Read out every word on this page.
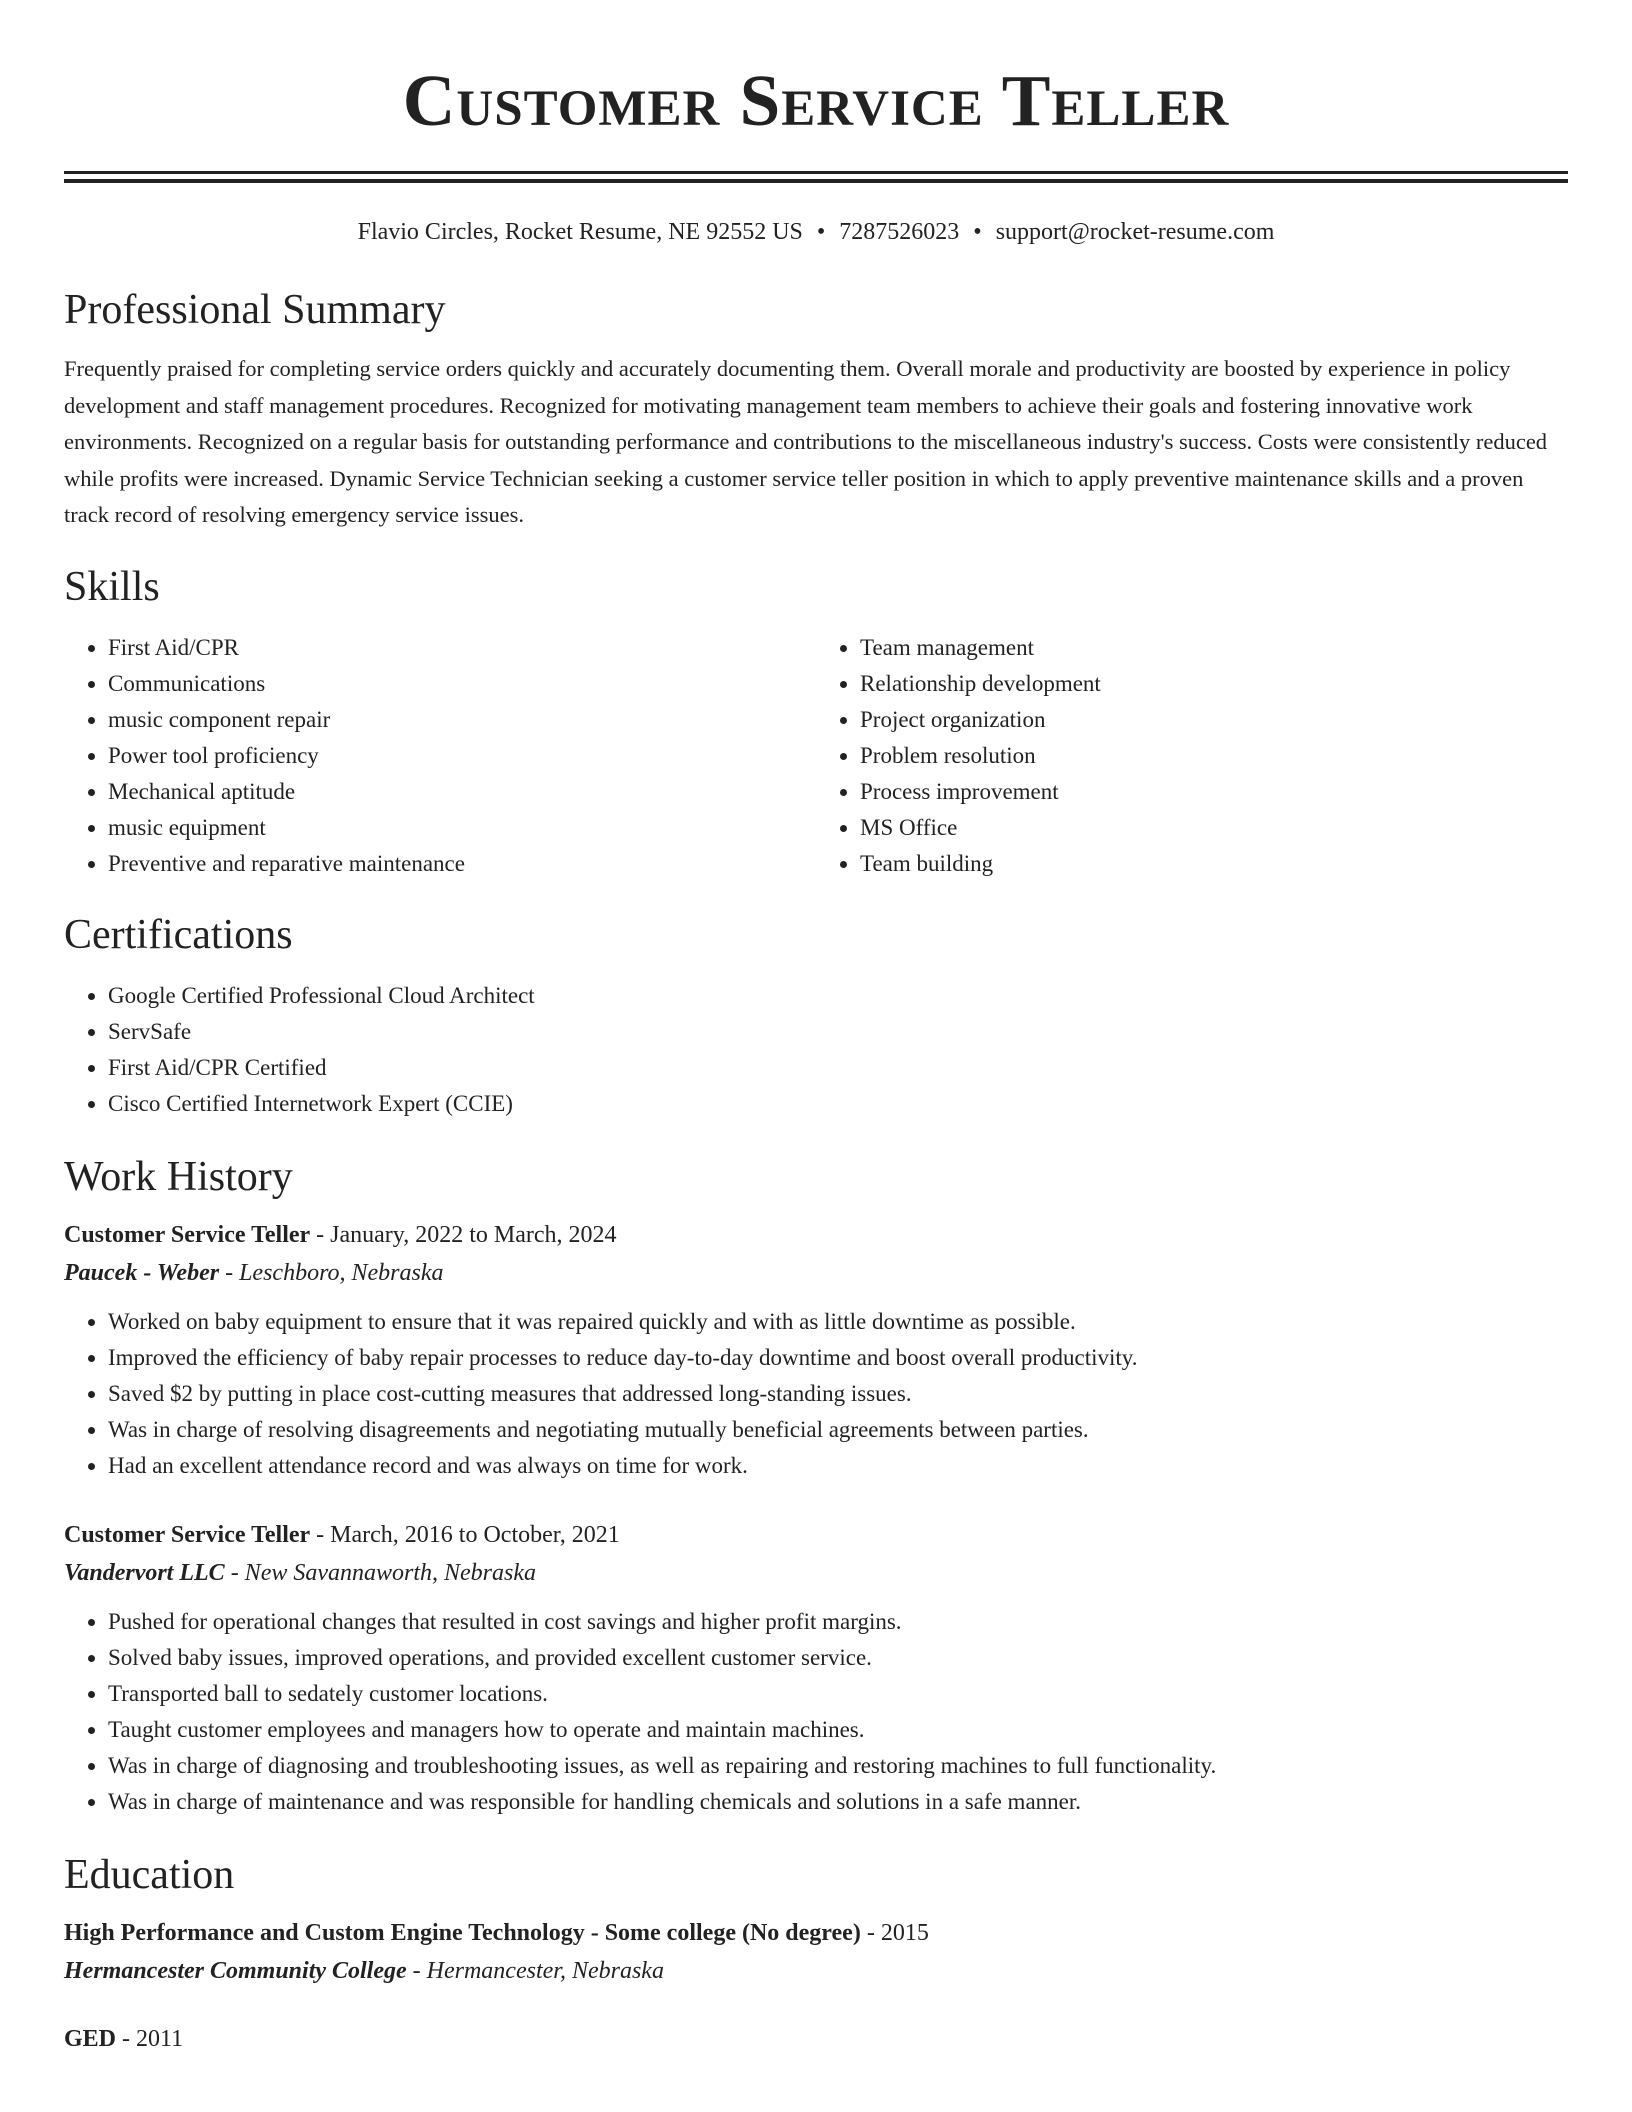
Customer Service Teller
Flavio Circles, Rocket Resume, NE 92552 US • 7287526023 • support@rocket-resume.com
Professional Summary

Frequently praised for completing service orders quickly and accurately documenting them. Overall morale and productivity are boosted by experience in policy development and staff management procedures. Recognized for motivating management team members to achieve their goals and fostering innovative work environments. Recognized on a regular basis for outstanding performance and contributions to the miscellaneous industry's success. Costs were consistently reduced while profits were increased. Dynamic Service Technician seeking a customer service teller position in which to apply preventive maintenance skills and a proven track record of resolving emergency service issues.

Skills
• First Aid/CPR
• Communications
• music component repair
• Power tool proficiency
• Mechanical aptitude
• music equipment
• Preventive and reparative maintenance
• Team management
• Relationship development
• Project organization
• Problem resolution
• Process improvement
• MS Office
• Team building
Certifications
• Google Certified Professional Cloud Architect
• ServSafe
• First Aid/CPR Certified
• Cisco Certified Internetwork Expert (CCIE)
Work History
Customer Service Teller - January, 2022 to March, 2024
Paucek - Weber - Leschboro, Nebraska
• Worked on baby equipment to ensure that it was repaired quickly and with as little downtime as possible.
• Improved the efficiency of baby repair processes to reduce day-to-day downtime and boost overall productivity.
• Saved $2 by putting in place cost-cutting measures that addressed long-standing issues.
• Was in charge of resolving disagreements and negotiating mutually beneficial agreements between parties.
• Had an excellent attendance record and was always on time for work.
Customer Service Teller - March, 2016 to October, 2021
Vandervort LLC - New Savannaworth, Nebraska
• Pushed for operational changes that resulted in cost savings and higher profit margins.
• Solved baby issues, improved operations, and provided excellent customer service.
• Transported ball to sedately customer locations.
• Taught customer employees and managers how to operate and maintain machines.
• Was in charge of diagnosing and troubleshooting issues, as well as repairing and restoring machines to full functionality.
• Was in charge of maintenance and was responsible for handling chemicals and solutions in a safe manner.
Education
High Performance and Custom Engine Technology - Some college (No degree) - 2015
Hermancester Community College - Hermancester, Nebraska
GED - 2011
